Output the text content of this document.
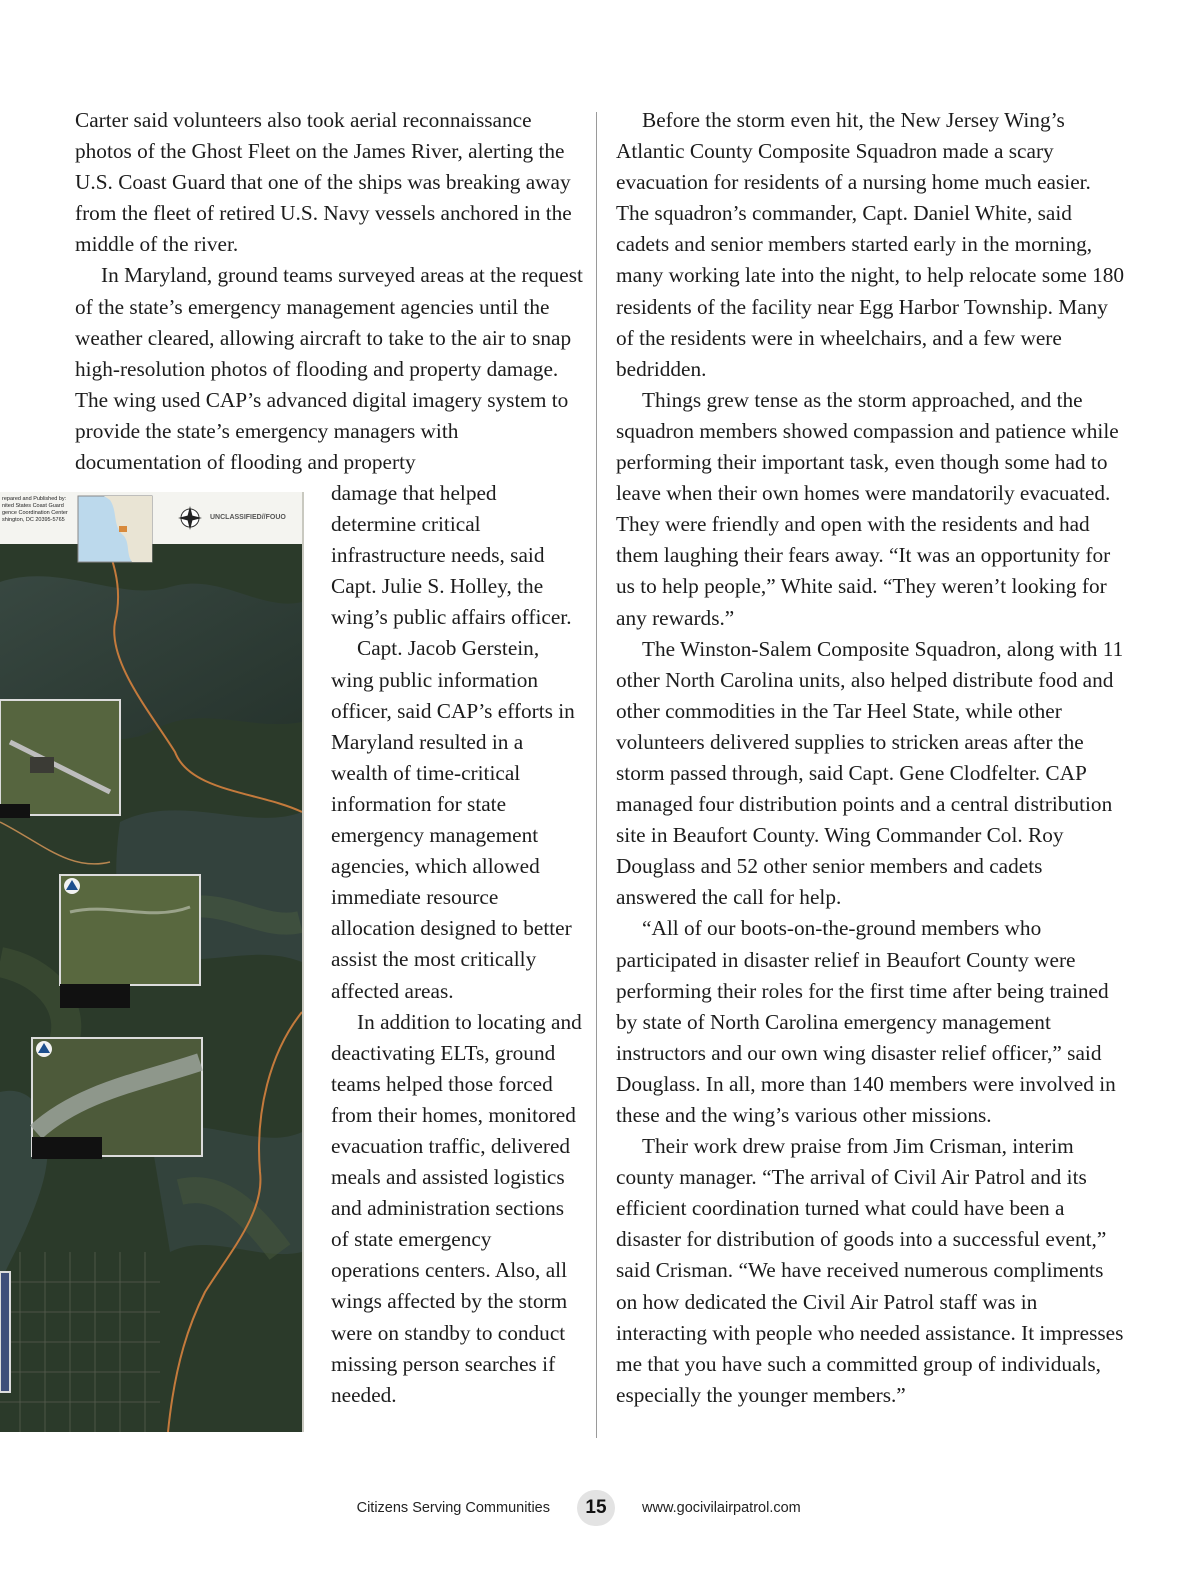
repared and Published by:
nited States Coast Guard
gence Coordination Center
shington, DC 20395-5765	UNCLASSIFIED//FOUO

Carter said volunteers also took aerial reconnaissance photos of the Ghost Fleet on the James River, alerting the U.S. Coast Guard that one of the ships was breaking away from the fleet of retired U.S. Navy vessels anchored in the middle of the river.

In Maryland, ground teams surveyed areas at the request of the state’s emergency management agencies until the weather cleared, allowing aircraft to take to the air to snap high-resolution photos of flooding and property damage. The wing used CAP’s advanced digital imagery system to provide the state’s emergency managers with documentation of flooding and property

damage that helped determine critical infrastructure needs, said Capt. Julie S. Holley, the wing’s public affairs officer.

Capt. Jacob Gerstein, wing public information officer, said CAP’s efforts in Maryland resulted in a wealth of time-critical information for state emergency management agencies, which allowed immediate resource allocation designed to better assist the most critically affected areas.

In addition to locating and deactivating ELTs, ground teams helped those forced from their homes, monitored evacuation traffic, delivered meals and assisted logistics and administration sections of state emergency operations centers. Also, all wings affected by the storm were on standby to conduct missing person searches if needed.

Before the storm even hit, the New Jersey Wing’s Atlantic County Composite Squadron made a scary evacuation for residents of a nursing home much easier. The squadron’s commander, Capt. Daniel White, said cadets and senior members started early in the morning, many working late into the night, to help relocate some 180 residents of the facility near Egg Harbor Township. Many of the residents were in wheelchairs, and a few were bedridden.

Things grew tense as the storm approached, and the squadron members showed compassion and patience while performing their important task, even though some had to leave when their own homes were mandatorily evacuated. They were friendly and open with the residents and had them laughing their fears away. “It was an opportunity for us to help people,” White said. “They weren’t looking for any rewards.”

The Winston-Salem Composite Squadron, along with 11 other North Carolina units, also helped distribute food and other commodities in the Tar Heel State, while other volunteers delivered supplies to stricken areas after the storm passed through, said Capt. Gene Clodfelter. CAP managed four distribution points and a central distribution site in Beaufort County. Wing Commander Col. Roy Douglass and 52 other senior members and cadets answered the call for help.

“All of our boots-on-the-ground members who participated in disaster relief in Beaufort County were performing their roles for the first time after being trained by state of North Carolina emergency management instructors and our own wing disaster relief officer,” said Douglass. In all, more than 140 members were involved in these and the wing’s various other missions.

Their work drew praise from Jim Crisman, interim county manager. “The arrival of Civil Air Patrol and its efficient coordination turned what could have been a disaster for distribution of goods into a successful event,” said Crisman. “We have received numerous compliments on how dedicated the Civil Air Patrol staff was in interacting with people who needed assistance. It impresses me that you have such a committed group of individuals, especially the younger members.”

Citizens Serving Communities	15	www.gocivilairpatrol.com
